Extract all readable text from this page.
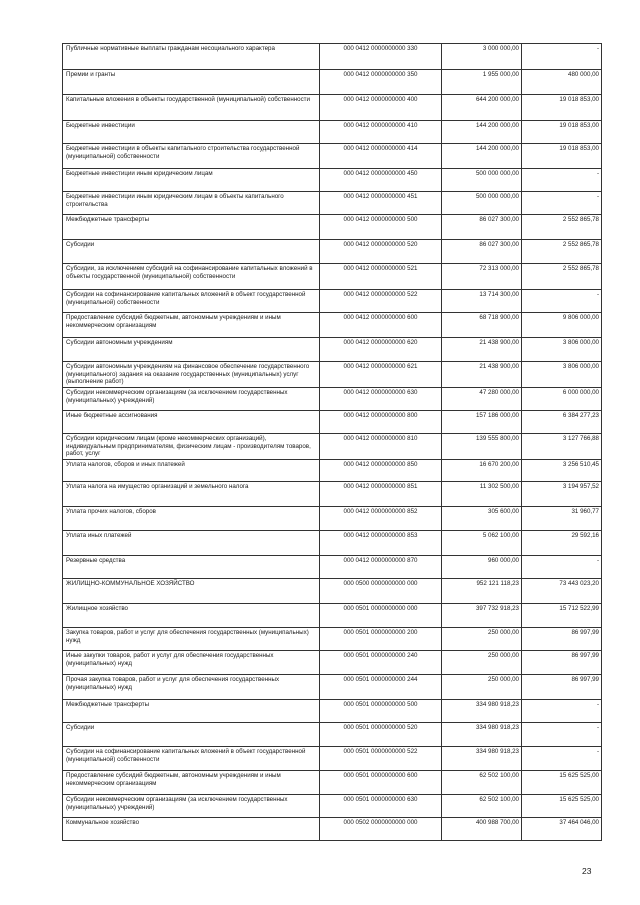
Публичные нормативные выплаты гражданам несоциального характера	000 0412 0000000000 330	3 000 000,00	-
Премии и гранты	000 0412 0000000000 350	1 955 000,00	480 000,00
Капитальные вложения в объекты государственной (муниципальной) собственности	000 0412 0000000000 400	644 200 000,00	19 018 853,00
Бюджетные инвестиции	000 0412 0000000000 410	144 200 000,00	19 018 853,00
Бюджетные инвестиции в объекты капитального строительства государственной (муниципальной) собственности	000 0412 0000000000 414	144 200 000,00	19 018 853,00
Бюджетные инвестиции иным юридическим лицам	000 0412 0000000000 450	500 000 000,00	-
Бюджетные инвестиции иным юридическим лицам в объекты капитального строительства	000 0412 0000000000 451	500 000 000,00	-
Межбюджетные трансферты	000 0412 0000000000 500	86 027 300,00	2 552 865,78
Субсидии	000 0412 0000000000 520	86 027 300,00	2 552 865,78
Субсидии, за исключением субсидий на софинансирование капитальных вложений в объекты государственной (муниципальной) собственности	000 0412 0000000000 521	72 313 000,00	2 552 865,78
Субсидии на софинансирование капитальных вложений в объект государственной (муниципальной) собственности	000 0412 0000000000 522	13 714 300,00	-
Предоставление субсидий бюджетным, автономным учреждениям и иным некоммерческим организациям	000 0412 0000000000 600	68 718 900,00	9 806 000,00
Субсидии автономным учреждениям	000 0412 0000000000 620	21 438 900,00	3 806 000,00
Субсидии автономным учреждениям на финансовое обеспечение государственного (муниципального) задания на оказание государственных (муниципальных) услуг (выполнение работ)	000 0412 0000000000 621	21 438 900,00	3 806 000,00
Субсидии некоммерческим организациям (за исключением государственных (муниципальных) учреждений)	000 0412 0000000000 630	47 280 000,00	6 000 000,00
Иные бюджетные ассигнования	000 0412 0000000000 800	157 186 000,00	6 384 277,23
Субсидии юридическим лицам (кроме некоммерческих организаций), индивидуальным предпринимателям, физическим лицам - производителям товаров, работ, услуг	000 0412 0000000000 810	139 555 800,00	3 127 766,88
Уплата налогов, сборов и иных платежей	000 0412 0000000000 850	16 670 200,00	3 256 510,45
Уплата налога на имущество организаций и земельного налога	000 0412 0000000000 851	11 302 500,00	3 194 957,52
Уплата прочих налогов, сборов	000 0412 0000000000 852	305 600,00	31 960,77
Уплата иных платежей	000 0412 0000000000 853	5 062 100,00	29 592,16
Резервные средства	000 0412 0000000000 870	960 000,00	-
ЖИЛИЩНО-КОММУНАЛЬНОЕ ХОЗЯЙСТВО	000 0500 0000000000 000	952 121 118,23	73 443 023,20
Жилищное хозяйство	000 0501 0000000000 000	397 732 918,23	15 712 522,99
Закупка товаров, работ и услуг для обеспечения государственных (муниципальных) нужд	000 0501 0000000000 200	250 000,00	86 997,99
Иные закупки товаров, работ и услуг для обеспечения государственных (муниципальных) нужд	000 0501 0000000000 240	250 000,00	86 997,99
Прочая закупка товаров, работ и услуг для обеспечения государственных (муниципальных) нужд	000 0501 0000000000 244	250 000,00	86 997,99
Межбюджетные трансферты	000 0501 0000000000 500	334 980 918,23	-
Субсидии	000 0501 0000000000 520	334 980 918,23	-
Субсидии на софинансирование капитальных вложений в объект государственной (муниципальной) собственности	000 0501 0000000000 522	334 980 918,23	-
Предоставление субсидий бюджетным, автономным учреждениям и иным некоммерческим организациям	000 0501 0000000000 600	62 502 100,00	15 625 525,00
Субсидии некоммерческим организациям (за исключением государственных (муниципальных) учреждений)	000 0501 0000000000 630	62 502 100,00	15 625 525,00
Коммунальное хозяйство	000 0502 0000000000 000	400 988 700,00	37 464 046,00
23
